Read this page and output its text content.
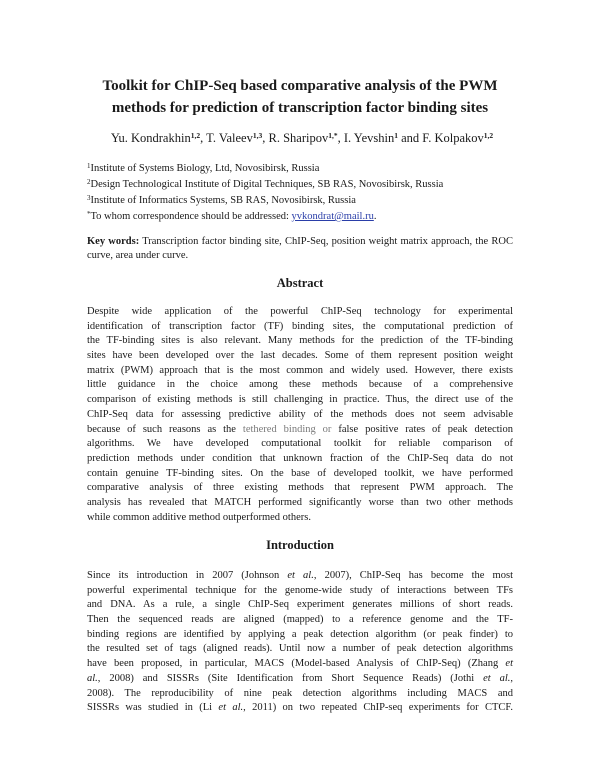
Toolkit for ChIP-Seq based comparative analysis of the PWM
methods for prediction of transcription factor binding sites
Yu. Kondrakhin$^{1,2}$, T. Valeev$^{1,3}$, R. Sharipov$^{1,*}$, I. Yevshin$^1$ and F. Kolpakov$^{1,2}$
$^1$Institute of Systems Biology, Ltd, Novosibirsk, Russia
$^2$Design Technological Institute of Digital Techniques, SB RAS, Novosibirsk, Russia
$^3$Institute of Informatics Systems, SB RAS, Novosibirsk, Russia
*To whom correspondence should be addressed: yvkondrat@mail.ru.
Key words: Transcription factor binding site, ChIP-Seq, position weight matrix approach, the ROC curve, area under curve.
Abstract
Despite wide application of the powerful ChIP-Seq technology for experimental
identification of transcription factor (TF) binding sites, the computational prediction of
the TF-binding sites is also relevant. Many methods for the prediction of the TF-binding
sites have been developed over the last decades. Some of them represent position weight
matrix (PWM) approach that is the most common and widely used. However, there exists
little guidance in the choice among these methods because of a comprehensive
comparison of existing methods is still challenging in practice. Thus, the direct use of the
ChIP-Seq data for assessing predictive ability of the methods does not seem advisable
because of such reasons as the tethered binding or false positive rates of peak detection
algorithms. We have developed computational toolkit for reliable comparison of
prediction methods under condition that unknown fraction of the ChIP-Seq data do not
contain genuine TF-binding sites. On the base of developed toolkit, we have performed
comparative analysis of three existing methods that represent PWM approach. The
analysis has revealed that MATCH performed significantly worse than two other methods
while common additive method outperformed others.
Introduction
Since its introduction in 2007 (Johnson et al., 2007), ChIP-Seq has become the most
powerful experimental technique for the genome-wide study of interactions between TFs
and DNA. As a rule, a single ChIP-Seq experiment generates millions of short reads.
Then the sequenced reads are aligned (mapped) to a reference genome and the TF-
binding regions are identified by applying a peak detection algorithm (or peak finder) to
the resulted set of tags (aligned reads). Until now a number of peak detection algorithms
have been proposed, in particular, MACS (Model-based Analysis of ChIP-Seq) (Zhang et
al., 2008) and SISSRs (Site Identification from Short Sequence Reads) (Jothi et al.,
2008). The reproducibility of nine peak detection algorithms including MACS and
SISSRs was studied in (Li et al., 2011) on two repeated ChIP-seq experiments for CTCF.
